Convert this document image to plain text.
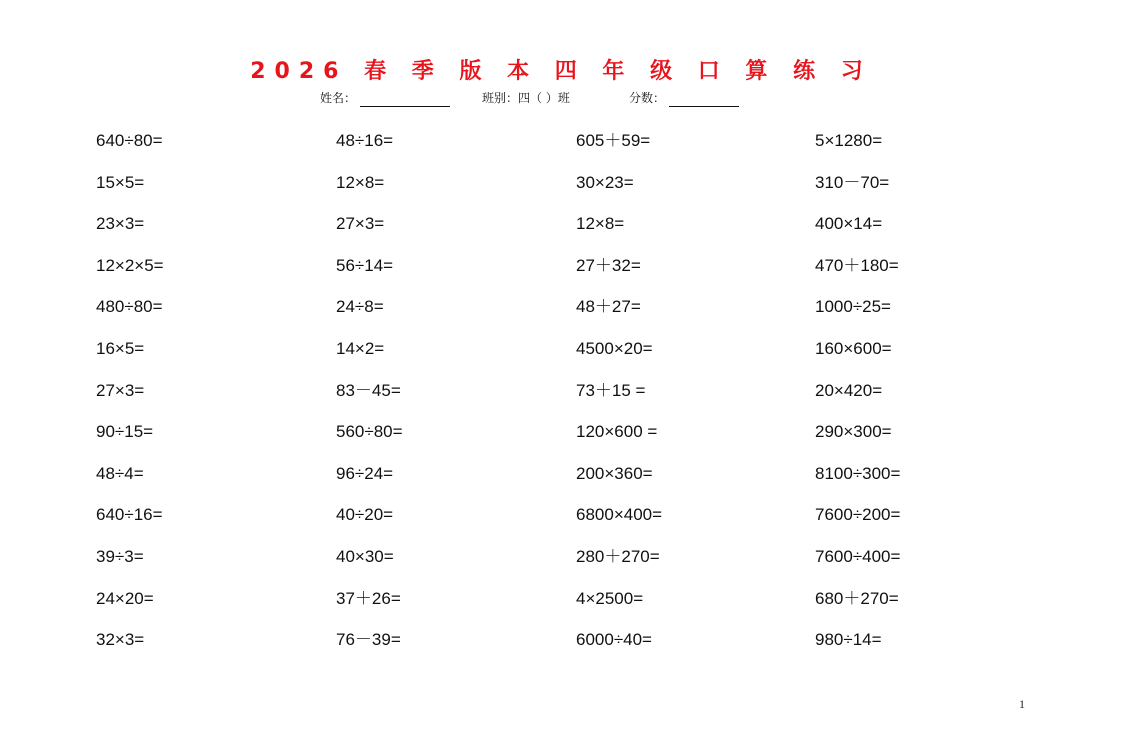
2026 春 季 版 本 四 年 级 口 算 练 习
姓名：	班别：四（ ）班	分数：
640÷80=
15×5=
23×3=
12×2×5=
480÷80=
16×5=
27×3=
90÷15=
48÷4=
640÷16=
39÷3=
24×20=
32×3=
48÷16=
12×8=
27×3=
56÷14=
24÷8=
14×2=
83－45=
560÷80=
96÷24=
40÷20=
40×30=
37＋26=
76－39=
605＋59=
30×23=
12×8=
27＋32=
48＋27=
4500×20=
73＋15 =
120×600 =
200×360=
6800×400=
280＋270=
4×2500=
6000÷40=
5×1280=
310－70=
400×14=
470＋180=
1000÷25=
160×600=
20×420=
290×300=
8100÷300=
7600÷200=
7600÷400=
680＋270=
980÷14=
1
